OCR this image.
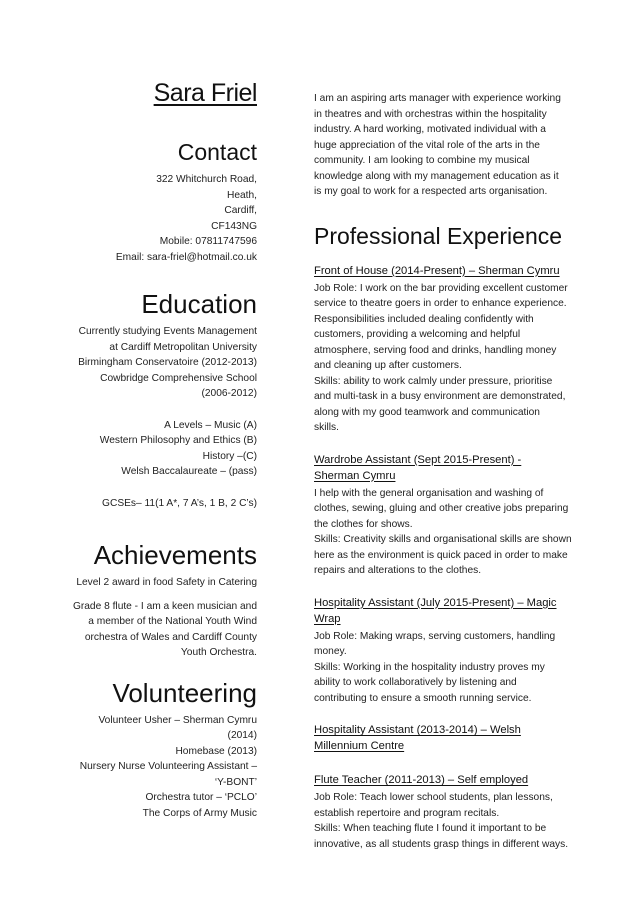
Sara Friel
Contact

322 Whitchurch Road,

Heath,

Cardiff,

CF143NG

Mobile: 07811747596

Email: sara-friel@hotmail.co.uk

Education

Currently studying Events Management

at Cardiff Metropolitan University

Birmingham Conservatoire (2012-2013)

Cowbridge Comprehensive School

(2006-2012)

A Levels – Music (A)

Western Philosophy and Ethics (B)

History –(C)

Welsh Baccalaureate – (pass)

GCSEs– 11(1 A*, 7 A’s, 1 B, 2 C’s)

Achievements

Level 2 award in food Safety in Catering

Grade 8 flute - I am a keen musician and

a member of the National Youth Wind

orchestra of Wales and Cardiff County

Youth Orchestra.

Volunteering

Volunteer Usher – Sherman Cymru

(2014)

Homebase (2013)

Nursery Nurse Volunteering Assistant –

‘Y-BONT’

Orchestra tutor – ‘PCLO’

The Corps of Army Music

I am an aspiring arts manager with experience working

in theatres and with orchestras within the hospitality

industry. A hard working, motivated individual with a

huge appreciation of the vital role of the arts in the

community. I am looking to combine my musical

knowledge along with my management education as it

is my goal to work for a respected arts organisation.

Professional Experience

Front of House (2014-Present) – Sherman Cymru

Job Role: I work on the bar providing excellent customer

service to theatre goers in order to enhance experience.

Responsibilities included dealing confidently with

customers, providing a welcoming and helpful

atmosphere, serving food and drinks, handling money

and cleaning up after customers.

Skills: ability to work calmly under pressure, prioritise

and multi-task in a busy environment are demonstrated,

along with my good teamwork and communication

skills.

Wardrobe Assistant (Sept 2015-Present) -

Sherman Cymru

I help with the general organisation and washing of

clothes, sewing, gluing and other creative jobs preparing

the clothes for shows.

Skills: Creativity skills and organisational skills are shown

here as the environment is quick paced in order to make

repairs and alterations to the clothes.

Hospitality Assistant (July 2015-Present) – Magic

Wrap

Job Role: Making wraps, serving customers, handling

money.

Skills: Working in the hospitality industry proves my

ability to work collaboratively by listening and

contributing to ensure a smooth running service.

Hospitality Assistant (2013-2014) – Welsh

Millennium Centre

Flute Teacher (2011-2013) – Self employed

Job Role: Teach lower school students, plan lessons,

establish repertoire and program recitals.

Skills: When teaching flute I found it important to be

innovative, as all students grasp things in different ways.
